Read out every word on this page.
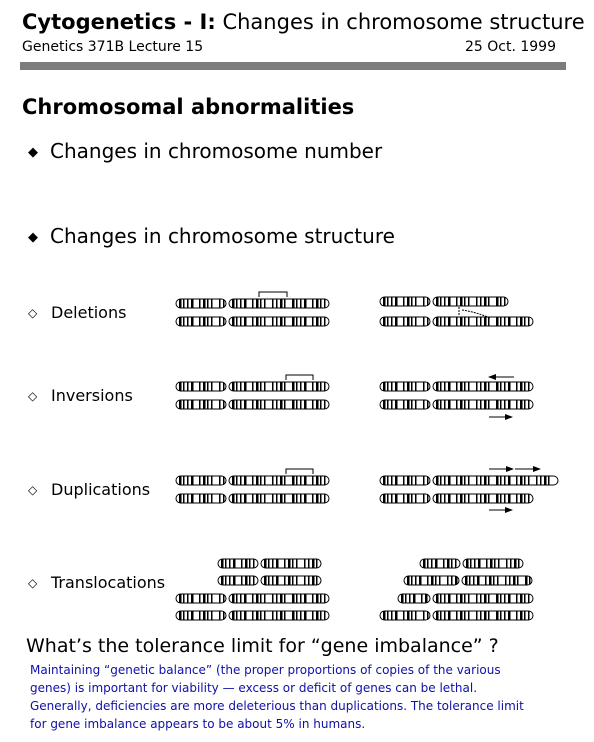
Cytogenetics - I: Changes in chromosome structure
Genetics 371B Lecture 15	25 Oct. 1999
Chromosomal abnormalities
◆ Changes in chromosome number
◆ Changes in chromosome structure
◇ Deletions
◇ Inversions
◇ Duplications
◇ Translocations
What’s the tolerance limit for “gene imbalance” ?
Maintaining “genetic balance” (the proper proportions of copies of the various
genes) is important for viability — excess or deficit of genes can be lethal.
Generally, deficiencies are more deleterious than duplications. The tolerance limit
for gene imbalance appears to be about 5% in humans.
